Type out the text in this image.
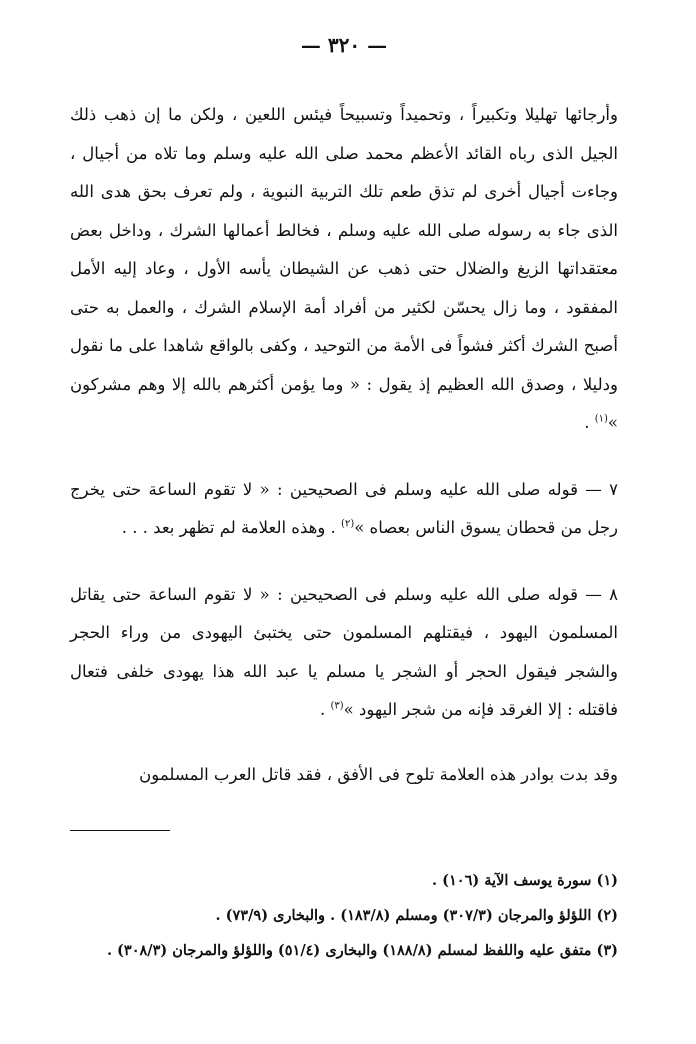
— ٣٢٠ —

وأرجائها تهليلا وتكبيراً ، وتحميداً وتسبيحاً فيئس اللعين ، ولكن ما إن ذهب ذلك الجيل الذى رباه القائد الأعظم محمد صلى الله عليه وسلم وما تلاه من أجيال ، وجاءت أجيال أخرى لم تذق طعم تلك التربية النبوية ، ولم تعرف بحق هدى الله الذى جاء به رسوله صلى الله عليه وسلم ، فخالط أعمالها الشرك ، وداخل بعض معتقداتها الزيغ والضلال حتى ذهب عن الشيطان يأسه الأول ، وعاد إليه الأمل المفقود ، وما زال يحسّن لكثير من أفراد أمة الإسلام الشرك ، والعمل به حتى أصبح الشرك أكثر فشواً فى الأمة من التوحيد ، وكفى بالواقع شاهدا على ما نقول ودليلا ، وصدق الله العظيم إذ يقول : « وما يؤمن أكثرهم بالله إلا وهم مشركون »$^{(١)}$ .

٧ — قوله صلى الله عليه وسلم فى الصحيحين : « لا تقوم الساعة حتى يخرج رجل من قحطان يسوق الناس بعصاه »$^{(٢)}$ . وهذه العلامة لم تظهر بعد . . .

٨ — قوله صلى الله عليه وسلم فى الصحيحين : « لا تقوم الساعة حتى يقاتل المسلمون اليهود ، فيقتلهم المسلمون حتى يختبئ اليهودى من وراء الحجر والشجر فيقول الحجر أو الشجر يا مسلم يا عبد الله هذا يهودى خلفى فتعال فاقتله : إلا الغرقد فإنه من شجر اليهود »$^{(٣)}$ .

وقد بدت بوادر هذه العلامة تلوح فى الأفق ، فقد قاتل العرب المسلمون

(١) سورة يوسف الآية (١٠٦) .

(٢) اللؤلؤ والمرجان (٣٠٧/٣) ومسلم (١٨٣/٨) . والبخارى (٧٣/٩) .

(٣) متفق عليه واللفظ لمسلم (١٨٨/٨) والبخارى (٥١/٤) واللؤلؤ والمرجان (٣٠٨/٣) .
